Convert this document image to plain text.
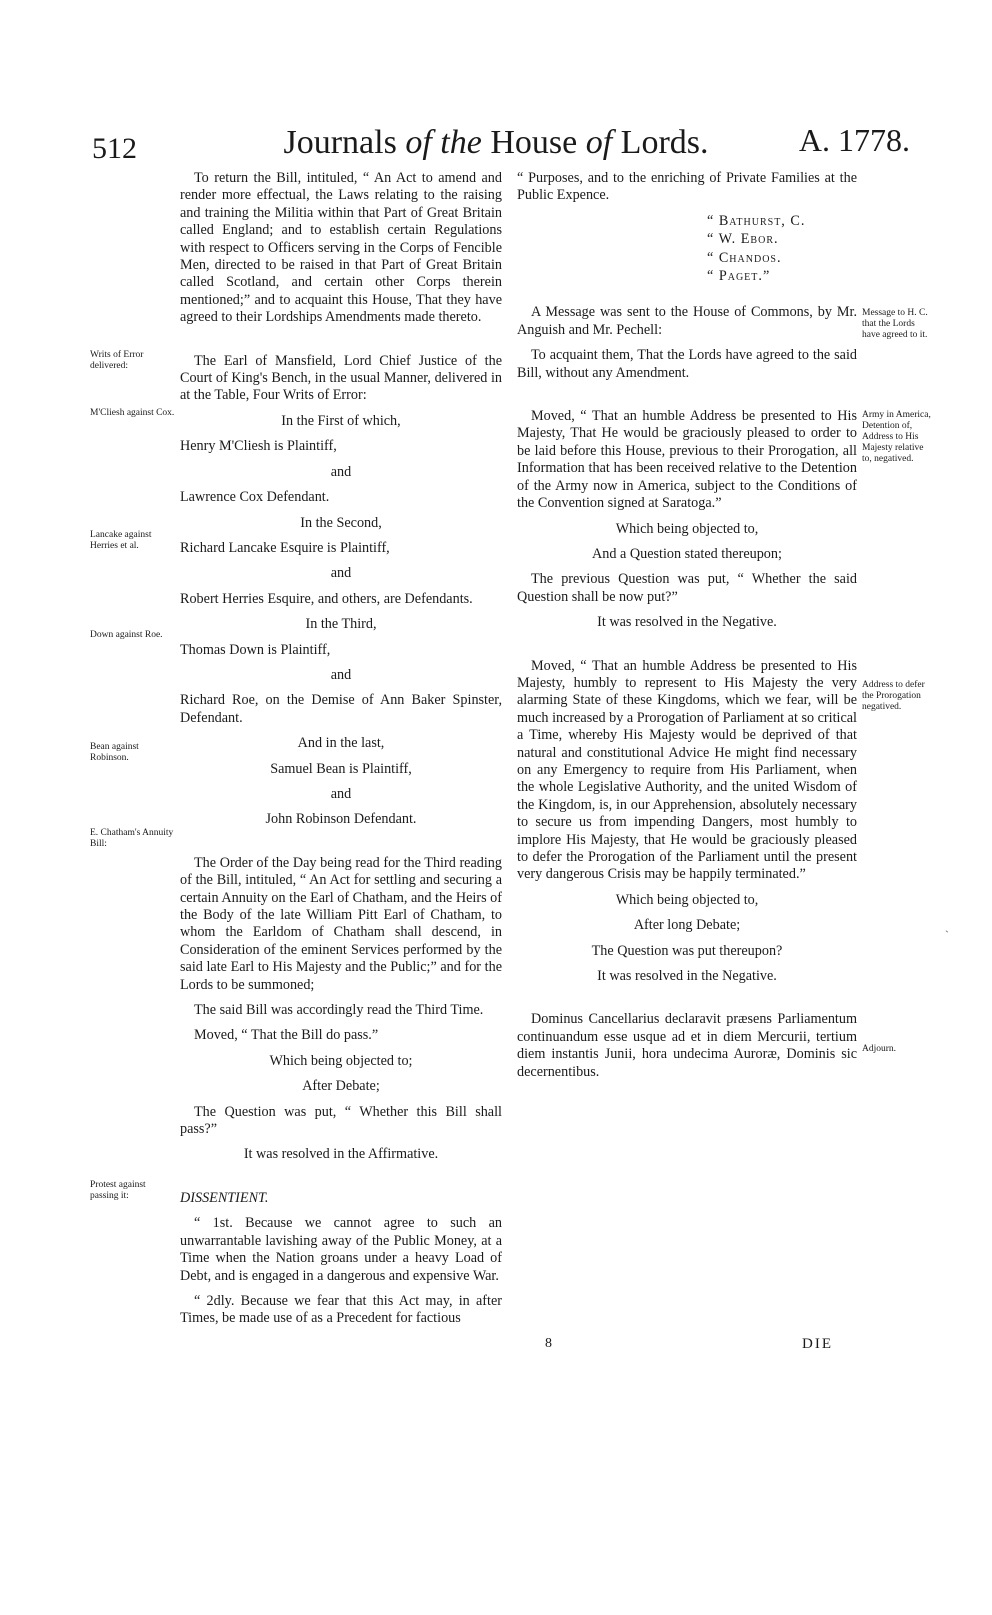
512	Journals of the House of Lords.	A. 1778.
Writs of Error delivered:
M'Cliesh against Cox.
Lancake against Herries et al.
Down against Roe.
Bean against Robinson.
E. Chatham's Annuity Bill:
Protest against passing it:
Message to H. C. that the Lords have agreed to it.
Army in America, Detention of, Address to His Majesty relative to, negatived.
Address to defer the Prorogation negatived.
Adjourn.

To return the Bill, intituled, “ An Act to amend and render more effectual, the Laws relating to the raising and training the Militia within that Part of Great Britain called England; and to establish certain Regulations with respect to Officers serving in the Corps of Fencible Men, directed to be raised in that Part of Great Britain called Scotland, and certain other Corps therein mentioned;” and to acquaint this House, That they have agreed to their Lordships Amendments made thereto.

The Earl of Mansfield, Lord Chief Justice of the Court of King's Bench, in the usual Manner, delivered in at the Table, Four Writs of Error:

In the First of which,

Henry M'Cliesh is Plaintiff,

and

Lawrence Cox Defendant.

In the Second,

Richard Lancake Esquire is Plaintiff,

and

Robert Herries Esquire, and others, are Defendants.

In the Third,

Thomas Down is Plaintiff,

and

Richard Roe, on the Demise of Ann Baker Spinster, Defendant.

And in the last,

Samuel Bean is Plaintiff,

and

John Robinson Defendant.

The Order of the Day being read for the Third reading of the Bill, intituled, “ An Act for settling and securing a certain Annuity on the Earl of Chatham, and the Heirs of the Body of the late William Pitt Earl of Chatham, to whom the Earldom of Chatham shall descend, in Consideration of the eminent Services performed by the said late Earl to His Majesty and the Public;” and for the Lords to be summoned;

The said Bill was accordingly read the Third Time.

Moved, “ That the Bill do pass.”

Which being objected to;

After Debate;

The Question was put, “ Whether this Bill shall pass?”

It was resolved in the Affirmative.

DISSENTIENT.

“ 1st. Because we cannot agree to such an unwarrantable lavishing away of the Public Money, at a Time when the Nation groans under a heavy Load of Debt, and is engaged in a dangerous and expensive War.

“ 2dly. Because we fear that this Act may, in after Times, be made use of as a Precedent for factious

“ Purposes, and to the enriching of Private Families at the Public Expence.

“ Bathurst, C.

“ W. Ebor.

“ Chandos.

“ Paget.”

A Message was sent to the House of Commons, by Mr. Anguish and Mr. Pechell:

To acquaint them, That the Lords have agreed to the said Bill, without any Amendment.

Moved, “ That an humble Address be presented to His Majesty, That He would be graciously pleased to order to be laid before this House, previous to their Prorogation, all Information that has been received relative to the Detention of the Army now in America, subject to the Conditions of the Convention signed at Saratoga.”

Which being objected to,

And a Question stated thereupon;

The previous Question was put, “ Whether the said Question shall be now put?”

It was resolved in the Negative.

Moved, “ That an humble Address be presented to His Majesty, humbly to represent to His Majesty the very alarming State of these Kingdoms, which we fear, will be much increased by a Prorogation of Parliament at so critical a Time, whereby His Majesty would be deprived of that natural and constitutional Advice He might find necessary on any Emergency to require from His Parliament, when the whole Legislative Authority, and the united Wisdom of the Kingdom, is, in our Apprehension, absolutely necessary to secure us from impending Dangers, most humbly to implore His Majesty, that He would be graciously pleased to defer the Prorogation of the Parliament until the present very dangerous Crisis may be happily terminated.”

Which being objected to,

After long Debate;

The Question was put thereupon?

It was resolved in the Negative.

Dominus Cancellarius declaravit præsens Parliamentum continuandum esse usque ad et in diem Mercurii, tertium diem instantis Junii, hora undecima Auroræ, Dominis sic decernentibus.

ˋ
8	DIE
